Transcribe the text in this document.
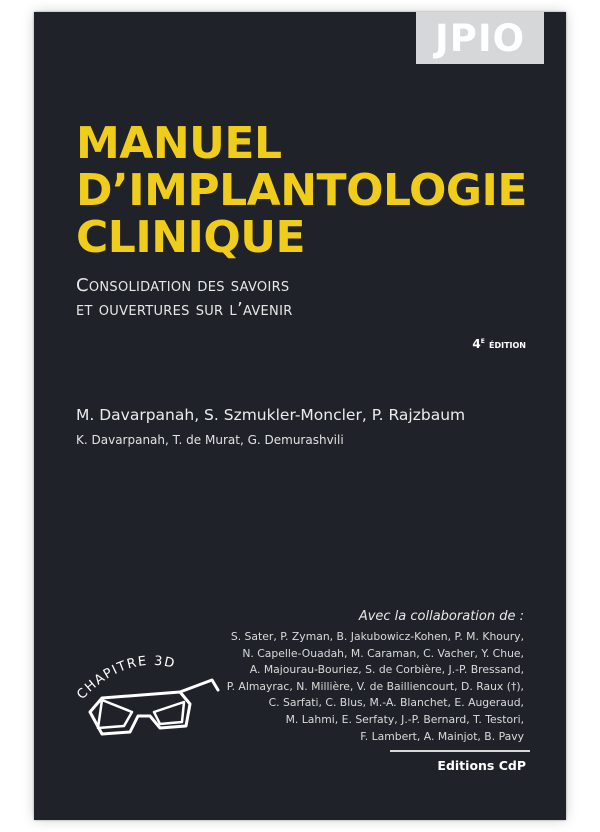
JPIO
MANUEL
D’IMPLANTOLOGIE
CLINIQUE
Consolidation des savoirs
et ouvertures sur l’avenir
4e édition
M. Davarpanah, S. Szmukler-Moncler, P. Rajzbaum
K. Davarpanah, T. de Murat, G. Demurashvili
Avec la collaboration de :
S. Sater, P. Zyman, B. Jakubowicz-Kohen, P. M. Khoury,
N. Capelle-Ouadah, M. Caraman, C. Vacher, Y. Chue,
A. Majourau-Bouriez, S. de Corbière, J.-P. Bressand,
P. Almayrac, N. Millière, V. de Bailliencourt, D. Raux (†),
C. Sarfati, C. Blus, M.-A. Blanchet, E. Augeraud,
M. Lahmi, E. Serfaty, J.-P. Bernard, T. Testori,
F. Lambert, A. Mainjot, B. Pavy
CHAPITRE 3D
Editions CdP
